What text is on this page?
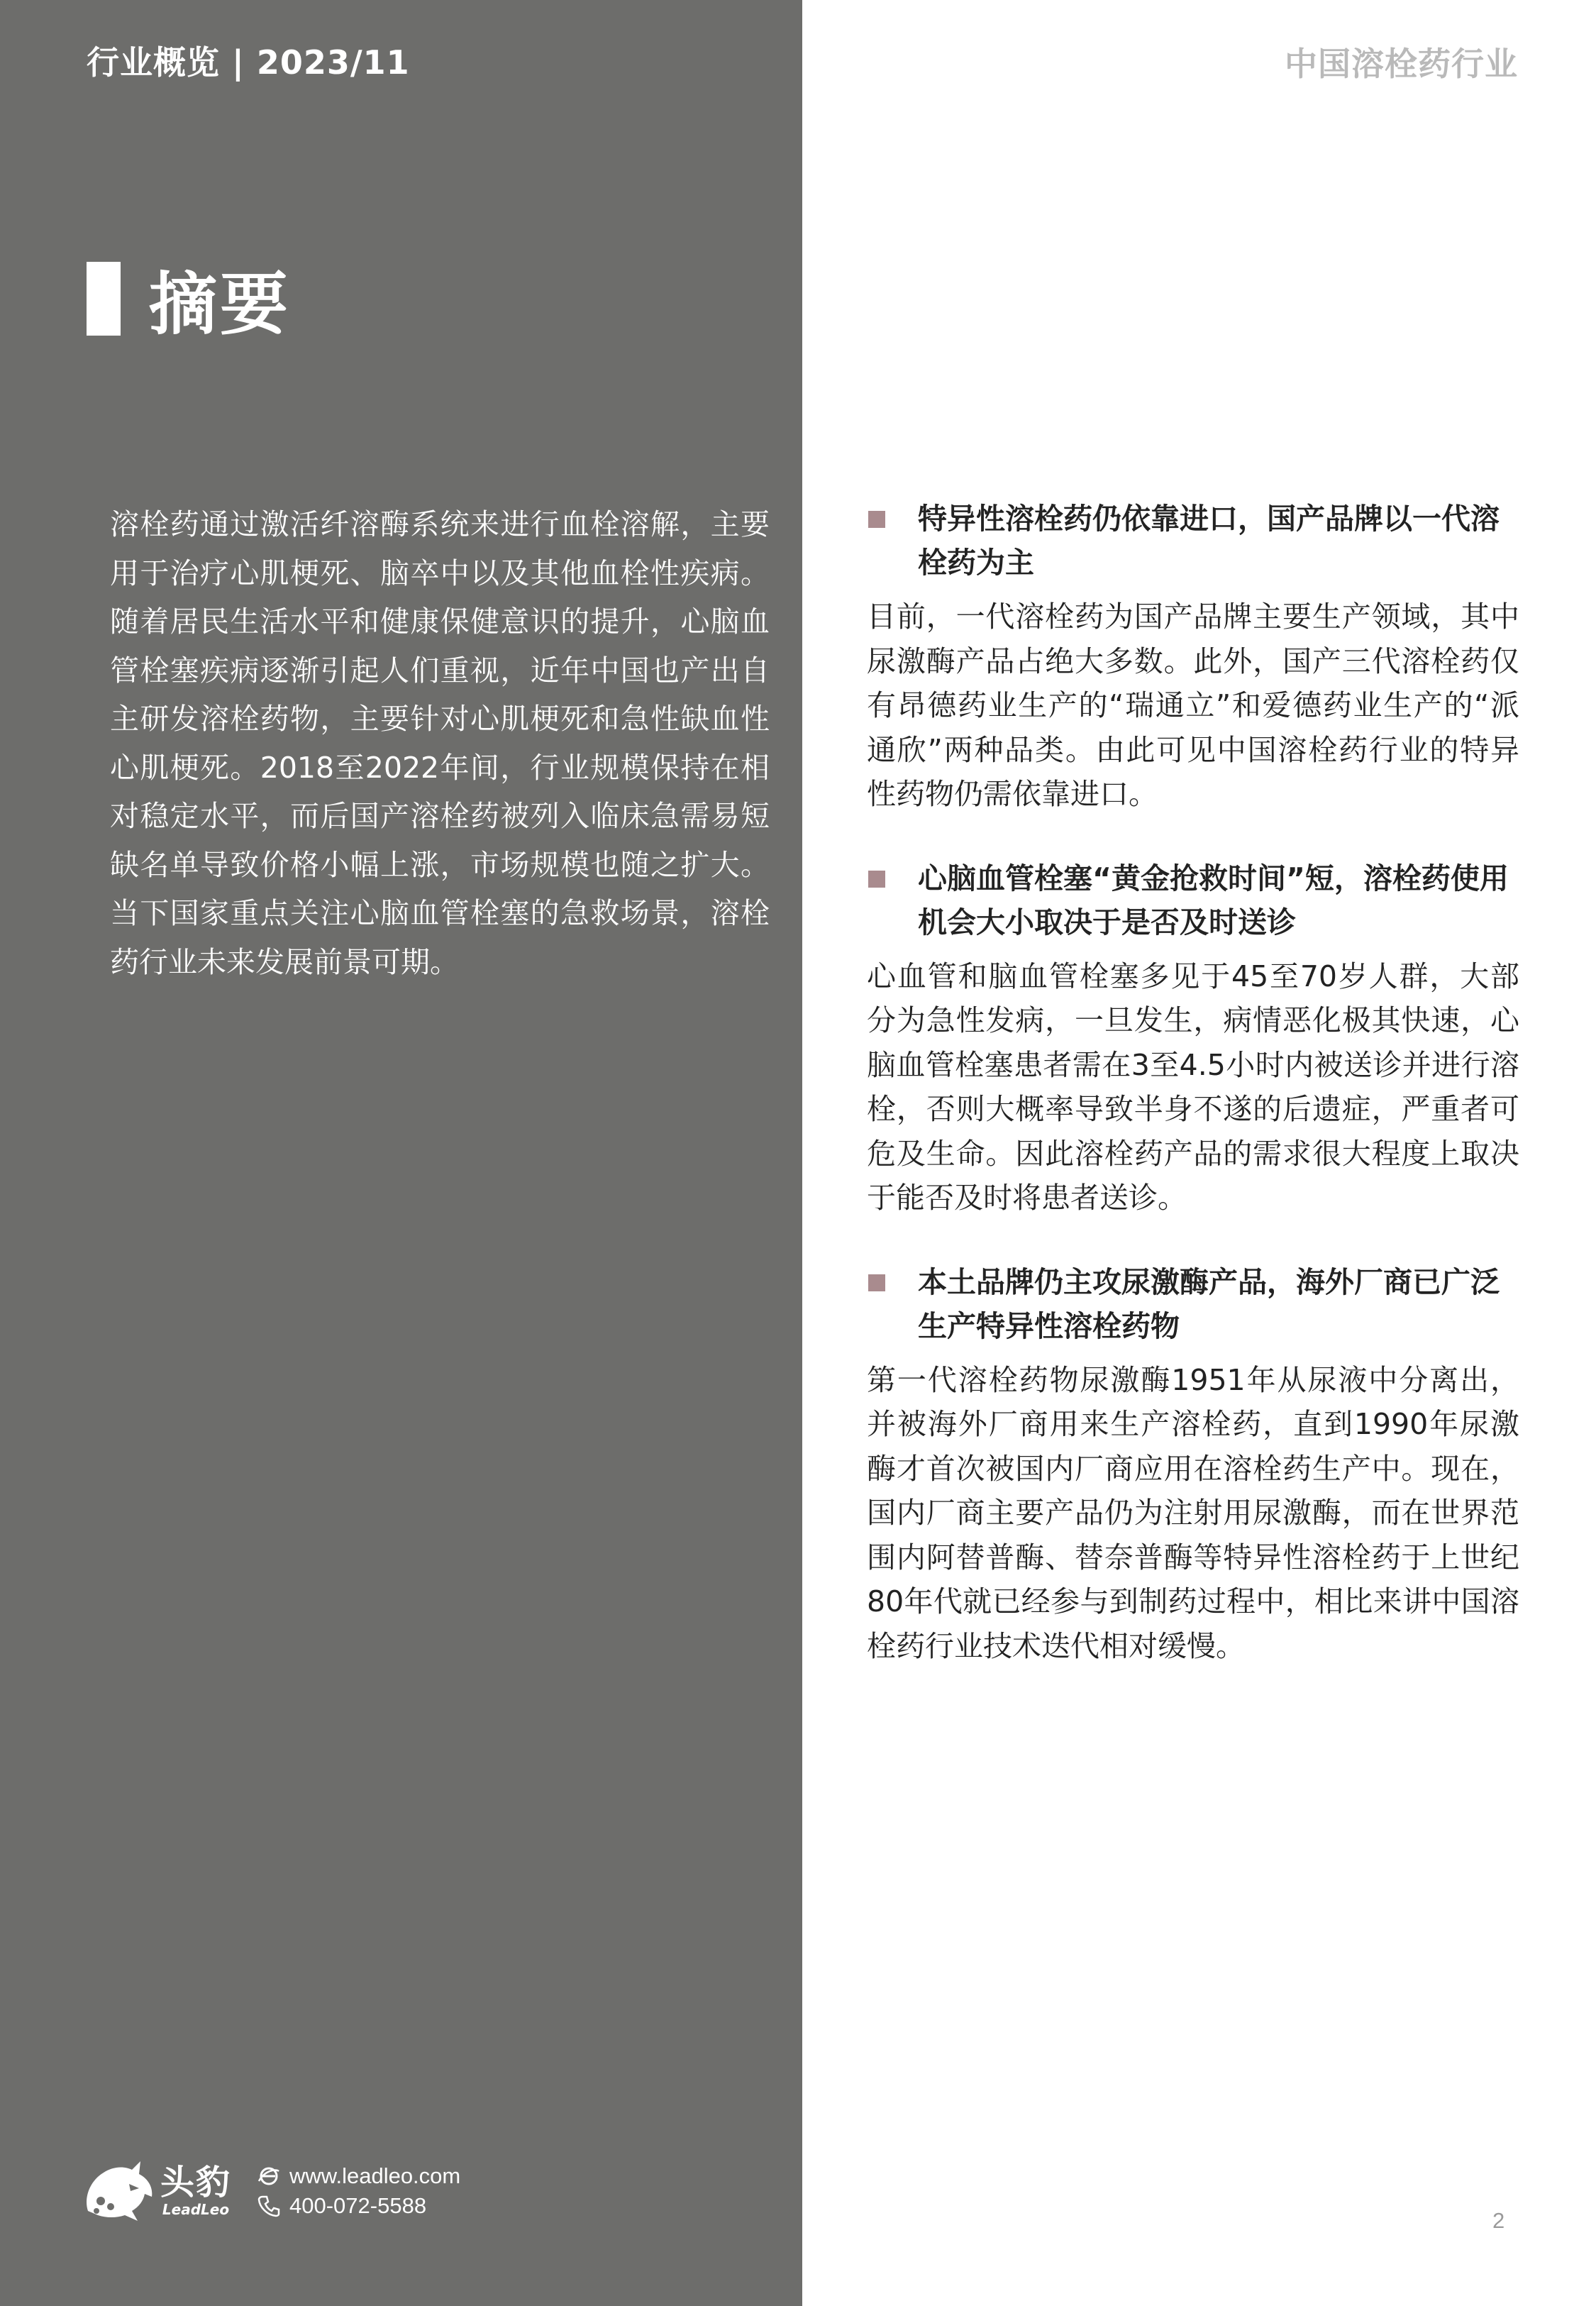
行业概览 | 2023/11	中国溶栓药行业
摘要

溶栓药通过激活纤溶酶系统来进行血栓溶解，主要用于治疗心肌梗死、脑卒中以及其他血栓性疾病。随着居民生活水平和健康保健意识的提升，心脑血管栓塞疾病逐渐引起人们重视，近年中国也产出自主研发溶栓药物，主要针对心肌梗死和急性缺血性心肌梗死。2018至2022年间，行业规模保持在相对稳定水平，而后国产溶栓药被列入临床急需易短缺名单导致价格小幅上涨，市场规模也随之扩大。当下国家重点关注心脑血管栓塞的急救场景，溶栓药行业未来发展前景可期。

特异性溶栓药仍依靠进口，国产品牌以一代溶栓药为主

目前，一代溶栓药为国产品牌主要生产领域，其中尿激酶产品占绝大多数。此外，国产三代溶栓药仅有昂德药业生产的“瑞通立”和爱德药业生产的“派通欣”两种品类。由此可见中国溶栓药行业的特异性药物仍需依靠进口。

心脑血管栓塞“黄金抢救时间”短，溶栓药使用机会大小取决于是否及时送诊

心血管和脑血管栓塞多见于45至70岁人群，大部分为急性发病，一旦发生，病情恶化极其快速，心脑血管栓塞患者需在3至4.5小时内被送诊并进行溶栓，否则大概率导致半身不遂的后遗症，严重者可危及生命。因此溶栓药产品的需求很大程度上取决于能否及时将患者送诊。

本土品牌仍主攻尿激酶产品，海外厂商已广泛生产特异性溶栓药物

第一代溶栓药物尿激酶1951年从尿液中分离出，并被海外厂商用来生产溶栓药，直到1990年尿激酶才首次被国内厂商应用在溶栓药生产中。现在，国内厂商主要产品仍为注射用尿激酶，而在世界范围内阿替普酶、替奈普酶等特异性溶栓药于上世纪80年代就已经参与到制药过程中，相比来讲中国溶栓药行业技术迭代相对缓慢。

头豹
LeadLeo
www.leadleo.com
400-072-5588
2
